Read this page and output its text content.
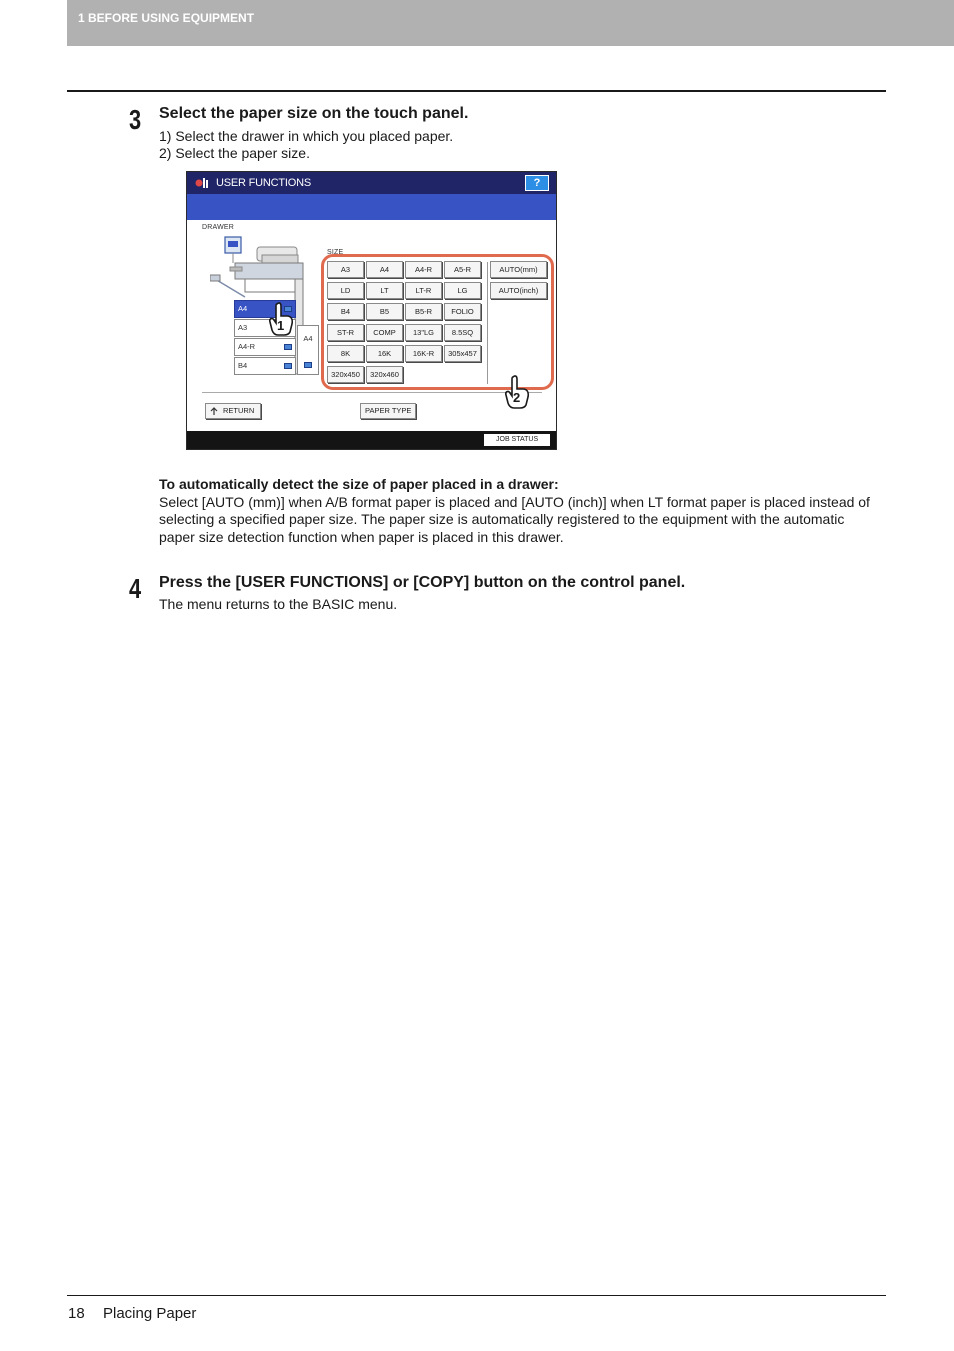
1 BEFORE USING EQUIPMENT
3 Select the paper size on the touch panel.
1) Select the drawer in which you placed paper.
2) Select the paper size.
USER FUNCTIONS	?
DRAWER
SIZE
A4
A3
A4-R
B4
A4
A3	A4	A4-R	A5-R
LD	LT	LT-R	LG
B4	B5	B5-R	FOLIO
ST-R	COMP	13"LG	8.5SQ
8K	16K	16K-R	305x457
320x450	320x460
AUTO(mm)
AUTO(inch)
RETURN	PAPER TYPE
JOB STATUS
1
2
To automatically detect the size of paper placed in a drawer:
Select [AUTO (mm)] when A/B format paper is placed and [AUTO (inch)] when LT format paper is placed instead of
selecting a specified paper size. The paper size is automatically registered to the equipment with the automatic
paper size detection function when paper is placed in this drawer.
4 Press the [USER FUNCTIONS] or [COPY] button on the control panel.
The menu returns to the BASIC menu.
18 Placing Paper
